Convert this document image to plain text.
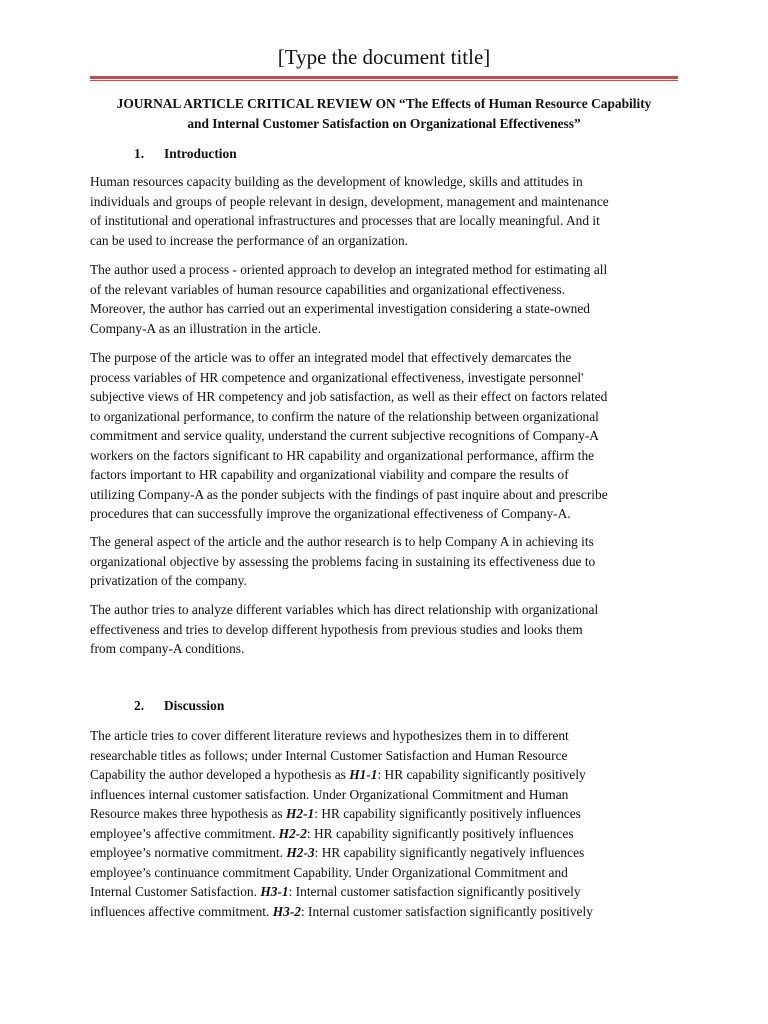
[Type the document title]
JOURNAL ARTICLE CRITICAL REVIEW ON “The Effects of Human Resource Capability
and Internal Customer Satisfaction on Organizational Effectiveness”
1. Introduction
Human resources capacity building as the development of knowledge, skills and attitudes in
individuals and groups of people relevant in design, development, management and maintenance
of institutional and operational infrastructures and processes that are locally meaningful. And it
can be used to increase the performance of an organization.
The author used a process - oriented approach to develop an integrated method for estimating all
of the relevant variables of human resource capabilities and organizational effectiveness.
Moreover, the author has carried out an experimental investigation considering a state-owned
Company-A as an illustration in the article.
The purpose of the article was to offer an integrated model that effectively demarcates the
process variables of HR competence and organizational effectiveness, investigate personnel'
subjective views of HR competency and job satisfaction, as well as their effect on factors related
to organizational performance, to confirm the nature of the relationship between organizational
commitment and service quality, understand the current subjective recognitions of Company-A
workers on the factors significant to HR capability and organizational performance, affirm the
factors important to HR capability and organizational viability and compare the results of
utilizing Company-A as the ponder subjects with the findings of past inquire about and prescribe
procedures that can successfully improve the organizational effectiveness of Company-A.
The general aspect of the article and the author research is to help Company A in achieving its
organizational objective by assessing the problems facing in sustaining its effectiveness due to
privatization of the company.
The author tries to analyze different variables which has direct relationship with organizational
effectiveness and tries to develop different hypothesis from previous studies and looks them
from company-A conditions.
2. Discussion
The article tries to cover different literature reviews and hypothesizes them in to different
researchable titles as follows; under Internal Customer Satisfaction and Human Resource
Capability the author developed a hypothesis as H1-1: HR capability significantly positively
influences internal customer satisfaction. Under Organizational Commitment and Human
Resource makes three hypothesis as H2-1: HR capability significantly positively influences
employee’s affective commitment. H2-2: HR capability significantly positively influences
employee’s normative commitment. H2-3: HR capability significantly negatively influences
employee’s continuance commitment Capability. Under Organizational Commitment and
Internal Customer Satisfaction. H3-1: Internal customer satisfaction significantly positively
influences affective commitment. H3-2: Internal customer satisfaction significantly positively
